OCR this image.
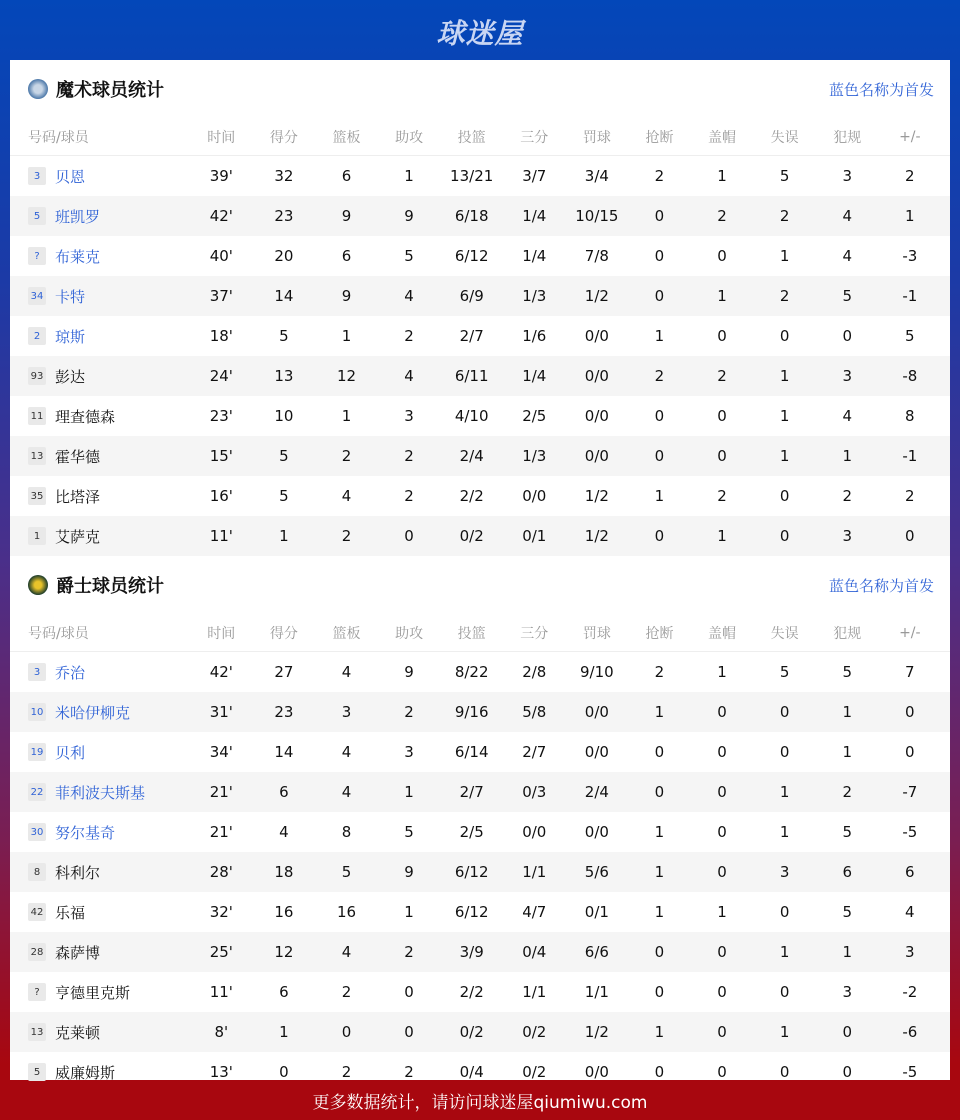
球迷屋
魔术球员统计	蓝色名称为首发
号码/球员	时间	得分	篮板	助攻	投篮	三分	罚球	抢断	盖帽	失误	犯规	+/-
3 贝恩	39'	32	6	1	13/21	3/7	3/4	2	1	5	3	2
5 班凯罗	42'	23	9	9	6/18	1/4	10/15	0	2	2	4	1
?	布莱克	40'	20	6	5	6/12	1/4	7/8	0	0	1	4	-3
34 卡特	37'	14	9	4	6/9	1/3	1/2	0	1	2	5	-1
2 琼斯	18'	5	1	2	2/7	1/6	0/0	1	0	0	0	5
93 彭达	24'	13	12	4	6/11	1/4	0/0	2	2	1	3	-8
11 理查德森	23'	10	1	3	4/10	2/5	0/0	0	0	1	4	8
13 霍华德	15'	5	2	2	2/4	1/3	0/0	0	0	1	1	-1
35 比塔泽	16'	5	4	2	2/2	0/0	1/2	1	2	0	2	2
1 艾萨克	11'	1	2	0	0/2	0/1	1/2	0	1	0	3	0
爵士球员统计	蓝色名称为首发
号码/球员	时间	得分	篮板	助攻	投篮	三分	罚球	抢断	盖帽	失误	犯规	+/-
3 乔治	42'	27	4	9	8/22	2/8	9/10	2	1	5	5	7
10 米哈伊柳克	31'	23	3	2	9/16	5/8	0/0	1	0	0	1	0
19 贝利	34'	14	4	3	6/14	2/7	0/0	0	0	0	1	0
22 菲利波夫斯基	21'	6	4	1	2/7	0/3	2/4	0	0	1	2	-7
30 努尔基奇	21'	4	8	5	2/5	0/0	0/0	1	0	1	5	-5
8 科利尔	28'	18	5	9	6/12	1/1	5/6	1	0	3	6	6
42 乐福	32'	16	16	1	6/12	4/7	0/1	1	1	0	5	4
28 森萨博	25'	12	4	2	3/9	0/4	6/6	0	0	1	1	3
?	亨德里克斯	11'	6	2	0	2/2	1/1	1/1	0	0	0	3	-2
13 克莱顿	8'	1	0	0	0/2	0/2	1/2	1	0	1	0	-6
5 威廉姆斯	13'	0	2	2	0/4	0/2	0/0	0	0	0	0	-5
更多数据统计，请访问球迷屋qiumiwu.com
